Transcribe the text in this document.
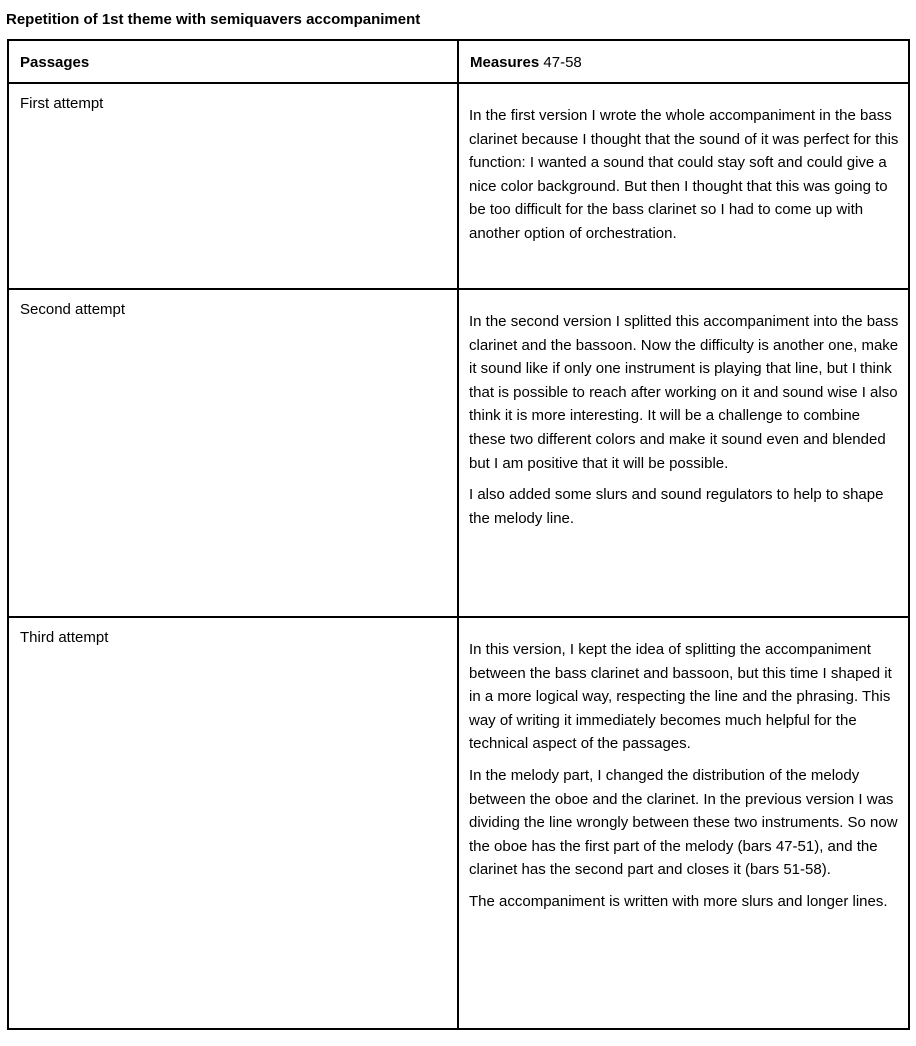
Repetition of 1st theme with semiquavers accompaniment
Passages	Measures 47-58
First attempt	In the first version I wrote the whole accompaniment in the bass clarinet because I thought that the sound of it was perfect for this function: I wanted a sound that could stay soft and could give a nice color background. But then I thought that this was going to be too difficult for the bass clarinet so I had to come up with another option of orchestration.

Second attempt	In the second version I splitted this accompaniment into the bass clarinet and the bassoon. Now the difficulty is another one, make it sound like if only one instrument is playing that line, but I think that is possible to reach after working on it and sound wise I also think it is more interesting. It will be a challenge to combine these two different colors and make it sound even and blended but I am positive that it will be possible.

I also added some slurs and sound regulators to help to shape the melody line.

Third attempt	In this version, I kept the idea of splitting the accompaniment between the bass clarinet and bassoon, but this time I shaped it in a more logical way, respecting the line and the phrasing. This way of writing it immediately becomes much helpful for the technical aspect of the passages.

In the melody part, I changed the distribution of the melody between the oboe and the clarinet. In the previous version I was dividing the line wrongly between these two instruments. So now the oboe has the first part of the melody (bars 47-51), and the clarinet has the second part and closes it (bars 51-58).

The accompaniment is written with more slurs and longer lines.
